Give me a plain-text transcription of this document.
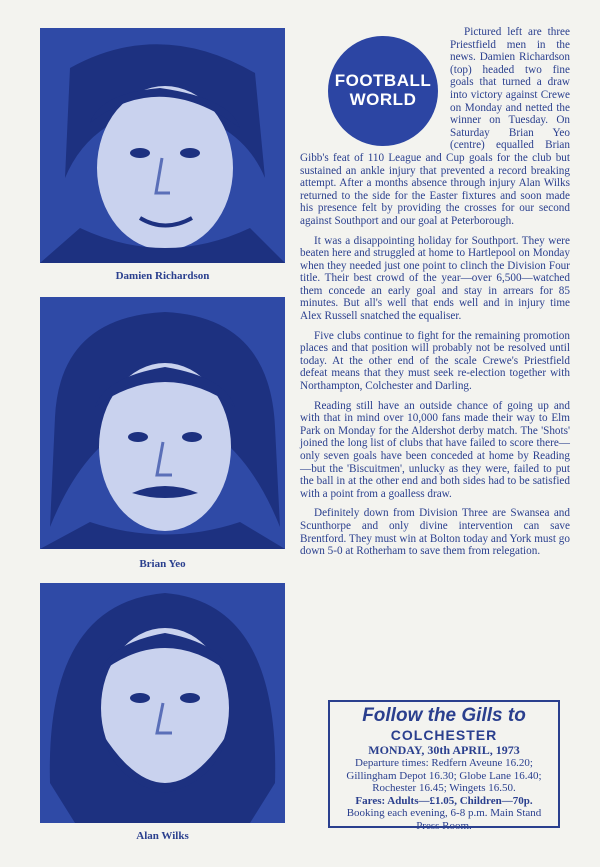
Damien Richardson
Brian Yeo
Alan Wilks
FOOTBALL
WORLD

Pictured left are three Priestfield men in the news. Damien Richardson (top) headed two fine goals that turned a draw into victory against Crewe on Monday and netted the winner on Tuesday. On Saturday Brian Yeo (centre) equalled Brian Gibb's feat of 110 League and Cup goals for the club but sustained an ankle injury that prevented a record breaking attempt. After a months absence through injury Alan Wilks returned to the side for the Easter fixtures and soon made his presence felt by providing the crosses for our second against Southport and our goal at Peterborough.

It was a disappointing holiday for Southport. They were beaten here and struggled at home to Hartlepool on Monday when they needed just one point to clinch the Division Four title. Their best crowd of the year—over 6,500—watched them concede an early goal and stay in arrears for 85 minutes. But all's well that ends well and in injury time Alex Russell snatched the equaliser.

Five clubs continue to fight for the remaining promotion places and that position will probably not be resolved until today. At the other end of the scale Crewe's Priestfield defeat means that they must seek re-election together with Northampton, Colchester and Darling.

Reading still have an outside chance of going up and with that in mind over 10,000 fans made their way to Elm Park on Monday for the Aldershot derby match. The 'Shots' joined the long list of clubs that have failed to score there—only seven goals have been conceded at home by Reading—but the 'Biscuitmen', unlucky as they were, failed to put the ball in at the other end and both sides had to be satisfied with a point from a goalless draw.

Definitely down from Division Three are Swansea and Scunthorpe and only divine intervention can save Brentford. They must win at Bolton today and York must go down 5-0 at Rotherham to save them from relegation.

Follow the Gills to
COLCHESTER
MONDAY, 30th APRIL, 1973
Departure times: Redfern Aveune 16.20; Gillingham Depot 16.30; Globe Lane 16.40; Rochester 16.45; Wingets 16.50.
Fares: Adults—£1.05, Children—70p.
Booking each evening, 6-8 p.m. Main Stand Press Room.
